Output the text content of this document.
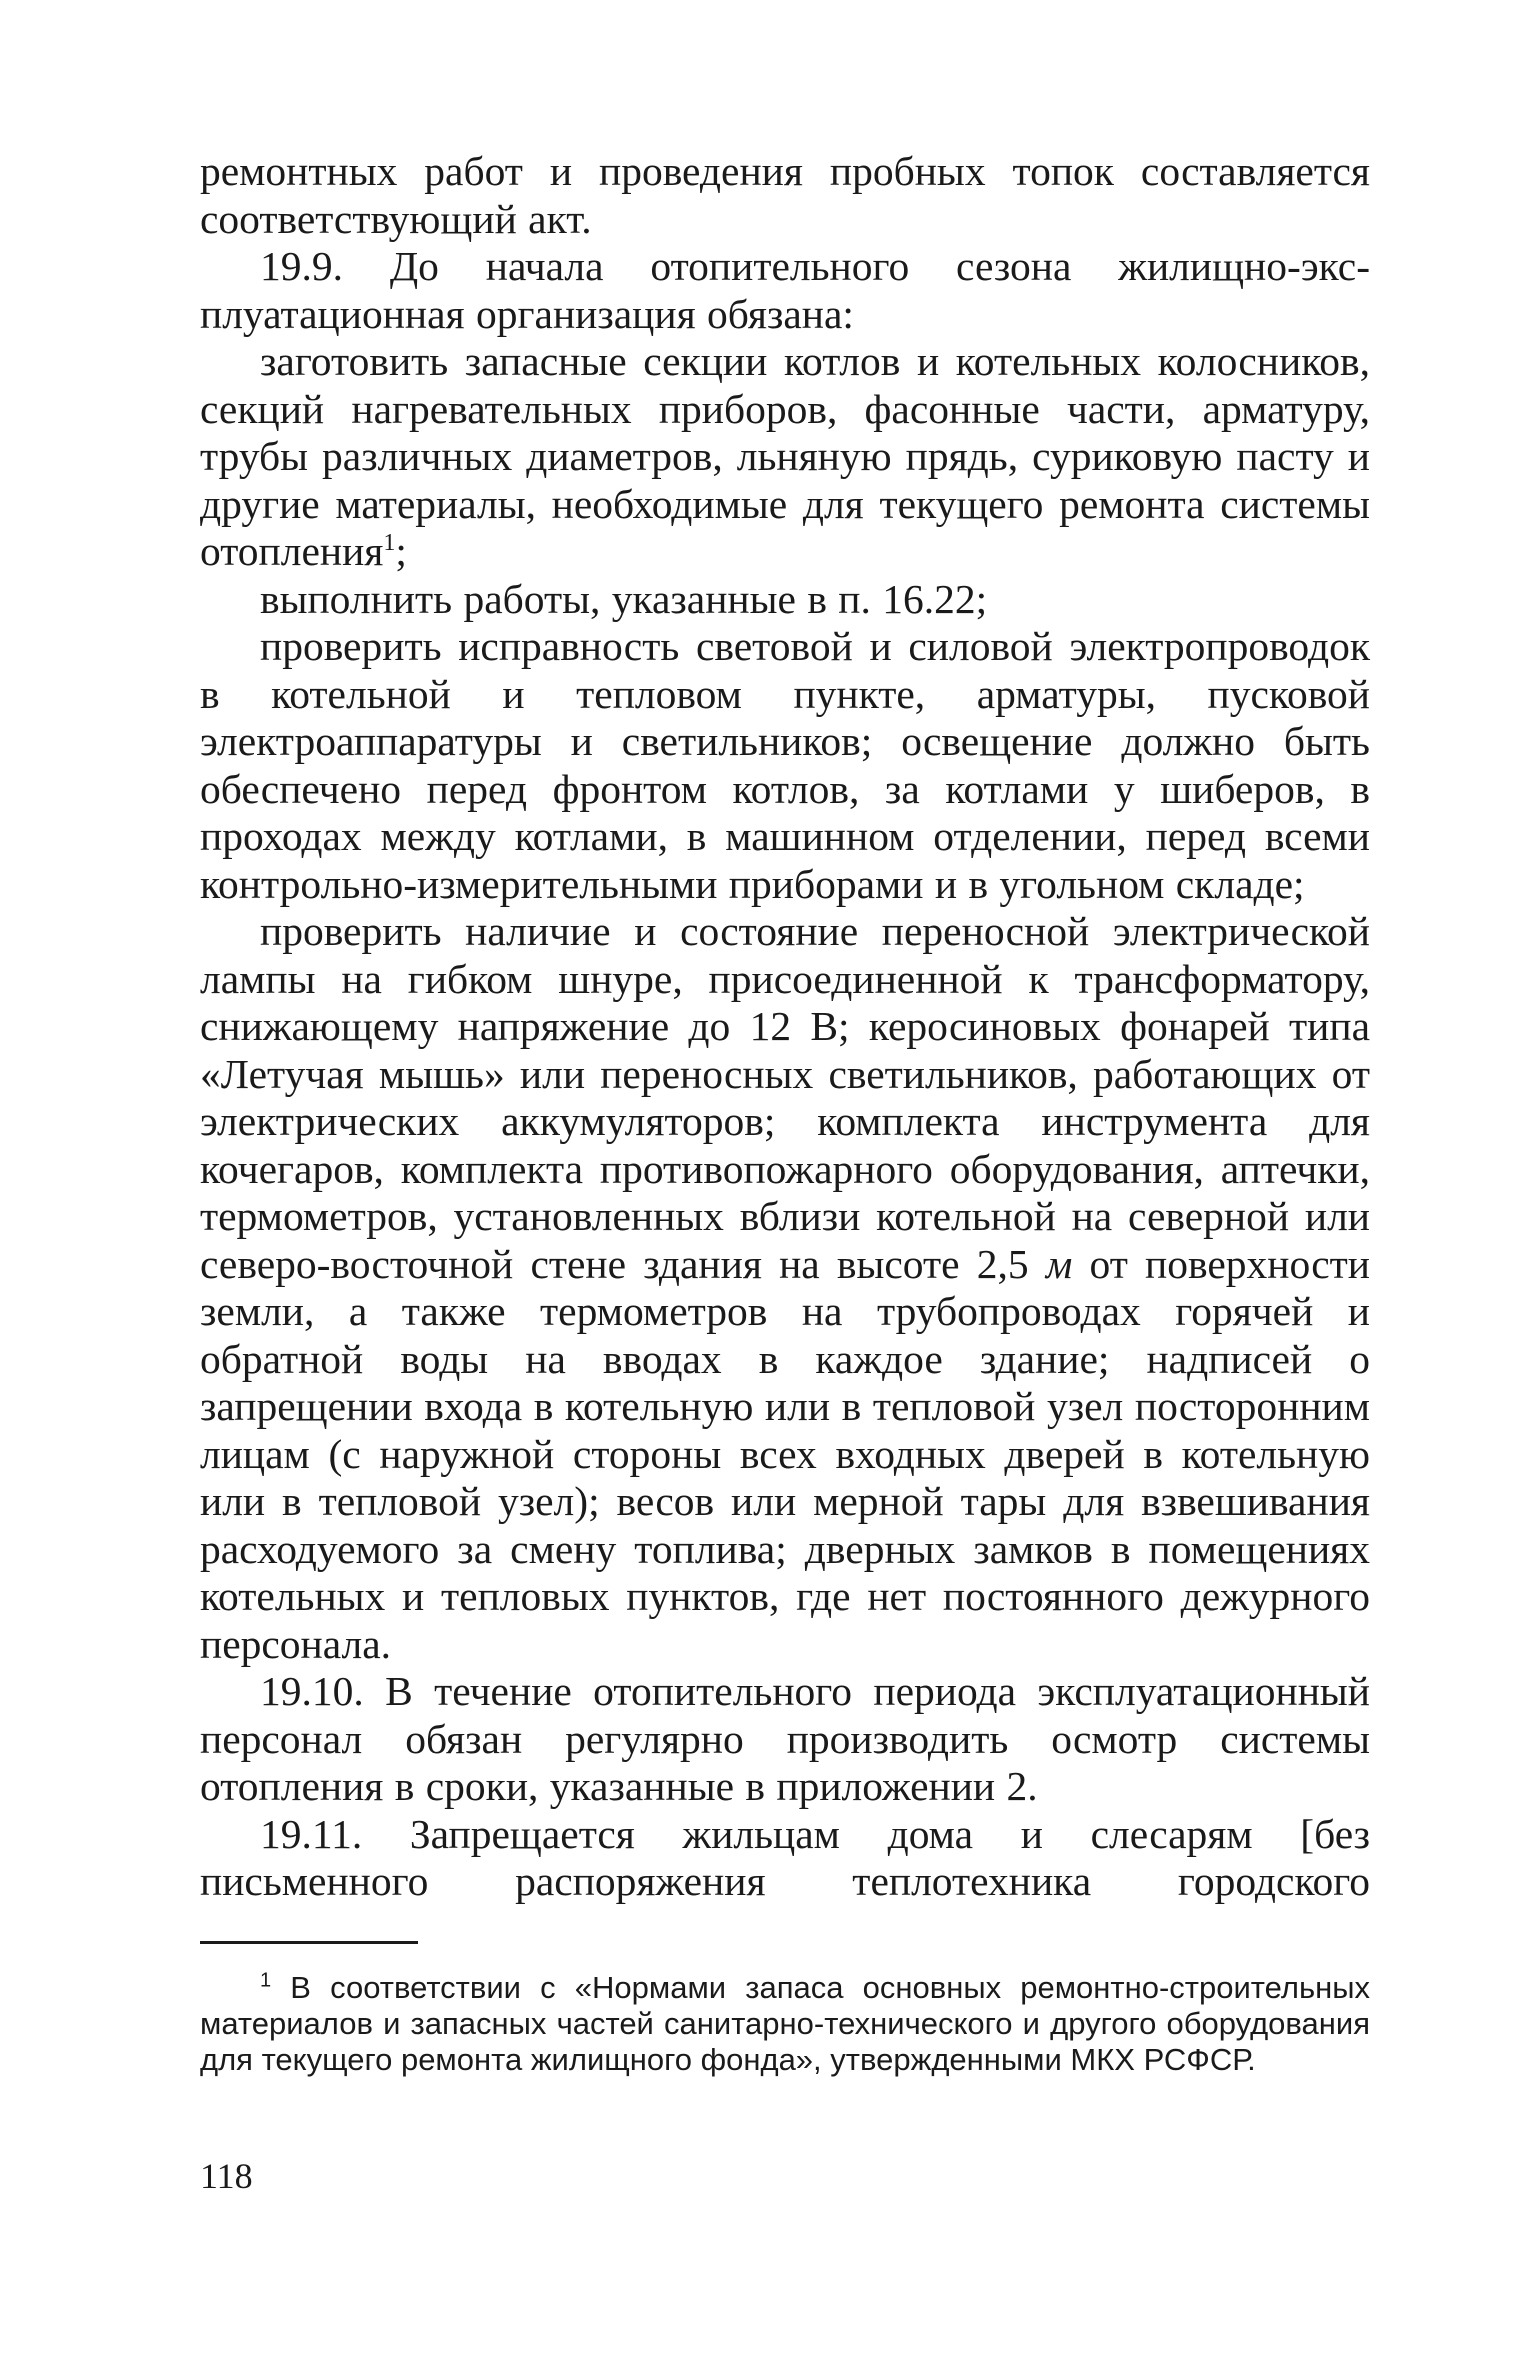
ремонтных работ и проведения пробных топок составляется соответствующий акт.

19.9. До начала отопительного сезона жилищно-эксплуатационная организация обязана:

заготовить запасные секции котлов и котельных колосников, секций нагревательных приборов, фасонные части, арматуру, трубы различных диаметров, льняную прядь, суриковую пасту и другие материалы, необходимые для текущего ремонта системы отопления$^1$;

выполнить работы, указанные в п. 16.22;

проверить исправность световой и силовой электропроводок в котельной и тепловом пункте, арматуры, пусковой электроаппаратуры и светильников; освещение должно быть обеспечено перед фронтом котлов, за котлами у шиберов, в проходах между котлами, в машинном отделении, перед всеми контрольно-измерительными приборами и в угольном складе;

проверить наличие и состояние переносной электрической лампы на гибком шнуре, присоединенной к трансформатору, снижающему напряжение до 12 В; керосиновых фонарей типа «Летучая мышь» или переносных светильников, работающих от электрических аккумуляторов; комплекта инструмента для кочегаров, комплекта противопожарного оборудования, аптечки, термометров, установленных вблизи котельной на северной или северо-восточной стене здания на высоте 2,5 м от поверхности земли, а также термометров на трубопроводах горячей и обратной воды на вводах в каждое здание; надписей о запрещении входа в котельную или в тепловой узел посторонним лицам (с наружной стороны всех входных дверей в котельную или в тепловой узел); весов или мерной тары для взвешивания расходуемого за смену топлива; дверных замков в помещениях котельных и тепловых пунктов, где нет постоянного дежурного персонала.

19.10. В течение отопительного периода эксплуатационный персонал обязан регулярно производить осмотр системы отопления в сроки, указанные в приложении 2.

19.11. Запрещается жильцам дома и слесарям [без письменного распоряжения теплотехника городского

$^1$ В соответствии с «Нормами запаса основных ремонтно-строительных материалов и запасных частей санитарно-технического и другого оборудования для текущего ремонта жилищного фонда», утвержденными МКХ РСФСР.

118
